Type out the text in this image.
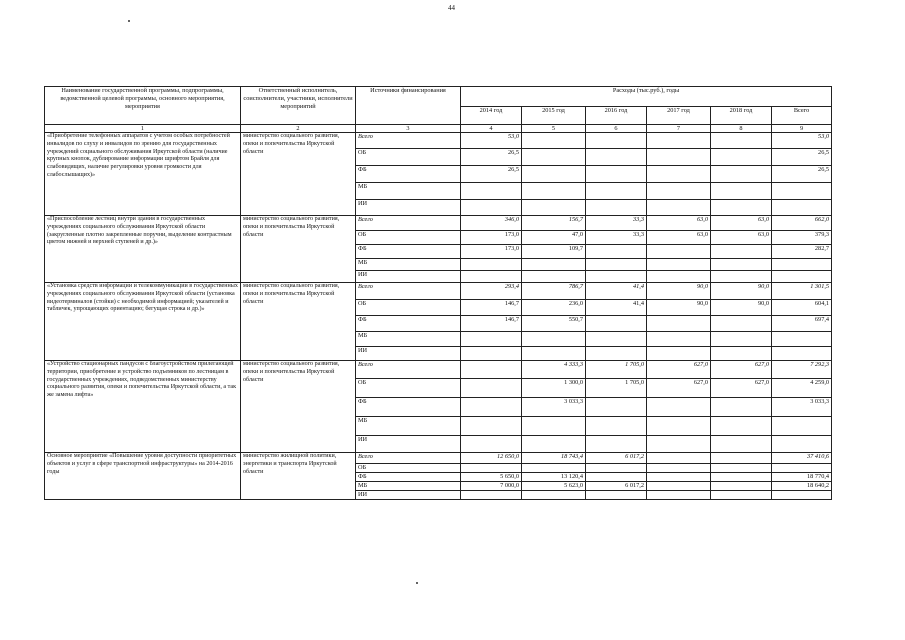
44
Наименование государственной программы, подпрограммы, ведомственной целевой программы, основного мероприятия, мероприятия	Ответственный исполнитель, соисполнители, участники, исполнители мероприятий	Источники финансирования	Расходы (тыс.руб.), годы					
			2014 год	2015 год	2016 год	2017 год	2018 год	Всего
1	2	3	4	5	6	7	8	9
«Приобретение телефонных аппаратов с учетом особых потребностей инвалидов по слуху и инвалидов по зрению для государственных учреждений социального обслуживания Иркутской области (наличие крупных кнопок, дублирование информации шрифтом Брайля для слабовидящих, наличие регулировки уровня громкости для слабослышащих)»	министерство социального развития, опеки и попечительства Иркутской области	Всего	53,0					53,0
		ОБ	26,5					26,5
		ФБ	26,5					26,5
		МБ						
		ИИ						
«Приспособление лестниц внутри здания в государственных учреждениях социального обслуживания Иркутской области (закругленные плотно закрепленные поручни, выделение контрастным цветом нижней и верхней ступеней и др.)»	министерство социального развития, опеки и попечительства Иркутской области	Всего	346,0	156,7	33,3	63,0	63,0	662,0
		ОБ	173,0	47,0	33,3	63,0	63,0	379,3
		ФБ	173,0	109,7				282,7
		МБ						
		ИИ						
«Установка средств информации и телекоммуникации в государственных учреждениях социального обслуживания Иркутской области (установка видеотерминалов (стойки) с необходимой информацией; указателей и табличек, упрощающих ориентацию; бегущая строка и др.)»	министерство социального развития, опеки и попечительства Иркутской области	Всего	293,4	786,7	41,4	90,0	90,0	1 301,5
		ОБ	146,7	236,0	41,4	90,0	90,0	604,1
		ФБ	146,7	550,7				697,4
		МБ						
		ИИ						
«Устройство стационарных пандусов с благоустройством прилегающей территории, приобретение и устройство подъемников по лестницам в государственных учреждениях, подведомственных министерству социального развития, опеки и попечительства Иркутской области, а так же замена лифта»	министерство социального развития, опеки и попечительства Иркутской области	Всего		4 333,3	1 705,0	627,0	627,0	7 292,3
		ОБ		1 300,0	1 705,0	627,0	627,0	4 259,0
		ФБ		3 033,3				3 033,3
		МБ						
		ИИ						
Основное мероприятие «Повышение уровня доступности приоритетных объектов и услуг в сфере транспортной инфраструктуры» на 2014-2016 годы	министерство жилищной политики, энергетики и транспорта Иркутской области	Всего	12 650,0	18 743,4	6 017,2			37 410,6
		ОБ						
		ФБ	5 650,0	13 120,4				18 770,4
		МБ	7 000,0	5 623,0	6 017,2			18 640,2
		ИИ						
